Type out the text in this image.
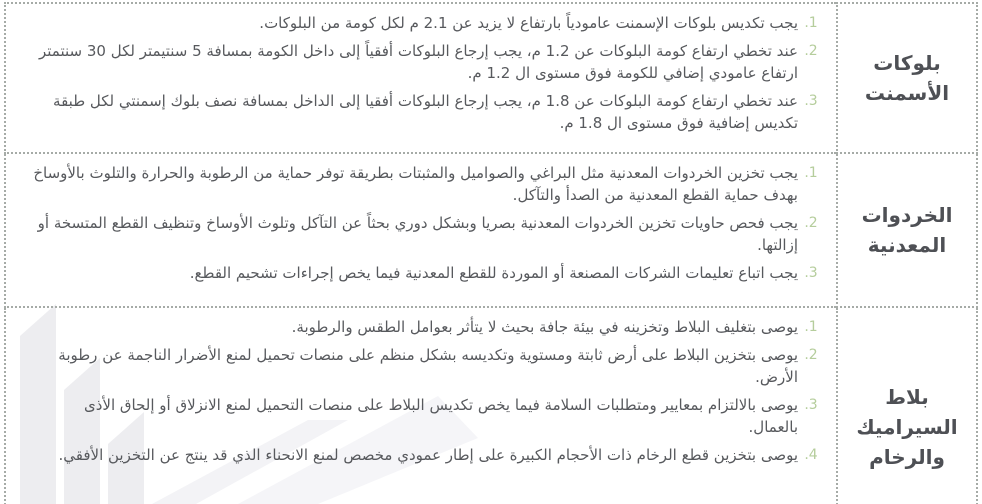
بلوكات الأسمنت	
1.
يجب تكديس بلوكات الإسمنت عامودياً بارتفاع لا يزيد عن 2.1 م لكل كومة من البلوكات.
2.
عند تخطي ارتفاع كومة البلوكات عن 1.2 م، يجب إرجاع البلوكات أفقياً إلى داخل الكومة بمسافة 5 سنتيمتر لكل 30 سنتمتر ارتفاع عامودي إضافي للكومة فوق مستوى ال 1.2 م.
3.
عند تخطي ارتفاع كومة البلوكات عن 1.8 م، يجب إرجاع البلوكات أفقيا إلى الداخل بمسافة نصف بلوك إسمنتي لكل طبقة تكديس إضافية فوق مستوى ال 1.8 م.

الخردوات المعدنية	
1.
يجب تخزين الخردوات المعدنية مثل البراغي والصواميل والمثبتات بطريقة توفر حماية من الرطوبة والحرارة والتلوث بالأوساخ بهدف حماية القطع المعدنية من الصدأ والتآكل.
2.
يجب فحص حاويات تخزين الخردوات المعدنية بصريا وبشكل دوري بحثاً عن التآكل وتلوث الأوساخ وتنظيف القطع المتسخة أو إزالتها.
3.
يجب اتباع تعليمات الشركات المصنعة أو الموردة للقطع المعدنية فيما يخص إجراءات تشحيم القطع.

بلاط السيراميك والرخام	
1.
يوصى بتغليف البلاط وتخزينه في بيئة جافة بحيث لا يتأثر بعوامل الطقس والرطوبة.
2.
يوصى بتخزين البلاط على أرض ثابتة ومستوية وتكديسه بشكل منظم على منصات تحميل لمنع الأضرار الناجمة عن رطوبة الأرض.
3.
يوصى بالالتزام بمعايير ومتطلبات السلامة فيما يخص تكديس البلاط على منصات التحميل لمنع الانزلاق أو إلحاق الأذى بالعمال.
4.
يوصى بتخزين قطع الرخام ذات الأحجام الكبيرة على إطار عمودي مخصص لمنع الانحناء الذي قد ينتج عن التخزين الأفقي.
